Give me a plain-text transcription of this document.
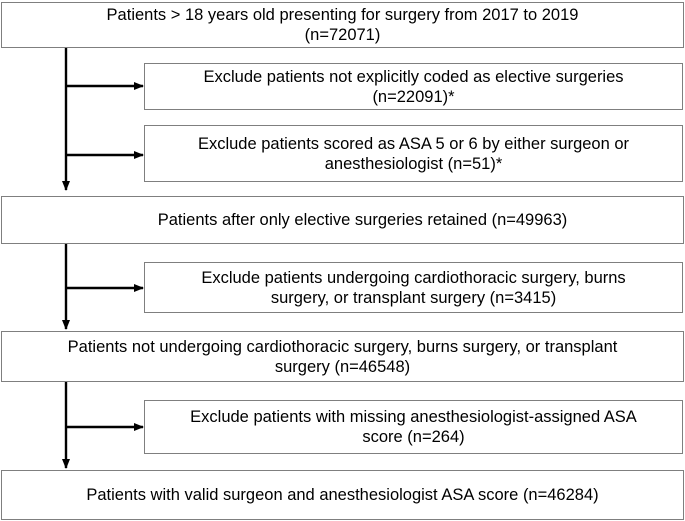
Patients > 18 years old presenting for surgery from 2017 to 2019
(n=72071)
Exclude patients not explicitly coded as elective surgeries
(n=22091)*
Exclude patients scored as ASA 5 or 6 by either surgeon or
anesthesiologist (n=51)*
Patients after only elective surgeries retained (n=49963)
Exclude patients undergoing cardiothoracic surgery, burns
surgery, or transplant surgery (n=3415)
Patients not undergoing cardiothoracic surgery, burns surgery, or transplant
surgery (n=46548)
Exclude patients with missing anesthesiologist-assigned ASA
score (n=264)
Patients with valid surgeon and anesthesiologist ASA score (n=46284)
